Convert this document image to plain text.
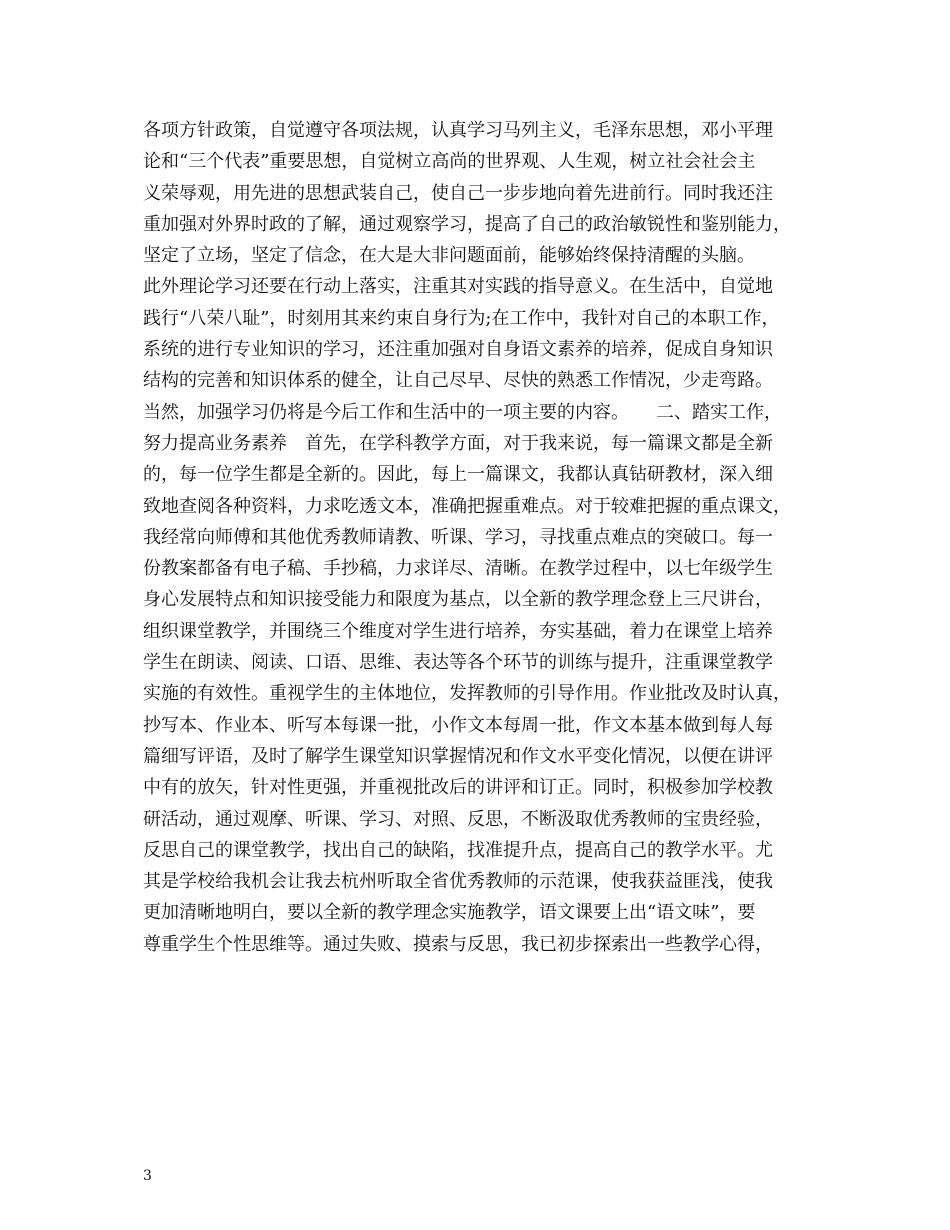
各项方针政策，自觉遵守各项法规，认真学习马列主义，毛泽东思想，邓小平理
论和“三个代表”重要思想，自觉树立高尚的世界观、人生观，树立社会社会主
义荣辱观，用先进的思想武装自己，使自己一步步地向着先进前行。同时我还注
重加强对外界时政的了解，通过观察学习，提高了自己的政治敏锐性和鉴别能力，
坚定了立场，坚定了信念，在大是大非问题面前，能够始终保持清醒的头脑。
此外理论学习还要在行动上落实，注重其对实践的指导意义。在生活中，自觉地
践行“八荣八耻”，时刻用其来约束自身行为;在工作中，我针对自己的本职工作，
系统的进行专业知识的学习，还注重加强对自身语文素养的培养，促成自身知识
结构的完善和知识体系的健全，让自己尽早、尽快的熟悉工作情况，少走弯路。
当然，加强学习仍将是今后工作和生活中的一项主要的内容。　　二、踏实工作，
努力提高业务素养　首先，在学科教学方面，对于我来说，每一篇课文都是全新
的，每一位学生都是全新的。因此，每上一篇课文，我都认真钻研教材，深入细
致地查阅各种资料，力求吃透文本，准确把握重难点。对于较难把握的重点课文，
我经常向师傅和其他优秀教师请教、听课、学习，寻找重点难点的突破口。每一
份教案都备有电子稿、手抄稿，力求详尽、清晰。在教学过程中，以七年级学生
身心发展特点和知识接受能力和限度为基点，以全新的教学理念登上三尺讲台，
组织课堂教学，并围绕三个维度对学生进行培养，夯实基础，着力在课堂上培养
学生在朗读、阅读、口语、思维、表达等各个环节的训练与提升，注重课堂教学
实施的有效性。重视学生的主体地位，发挥教师的引导作用。作业批改及时认真，
抄写本、作业本、听写本每课一批，小作文本每周一批，作文本基本做到每人每
篇细写评语，及时了解学生课堂知识掌握情况和作文水平变化情况，以便在讲评
中有的放矢，针对性更强，并重视批改后的讲评和订正。同时，积极参加学校教
研活动，通过观摩、听课、学习、对照、反思，不断汲取优秀教师的宝贵经验，
反思自己的课堂教学，找出自己的缺陷，找准提升点，提高自己的教学水平。尤
其是学校给我机会让我去杭州听取全省优秀教师的示范课，使我获益匪浅，使我
更加清晰地明白，要以全新的教学理念实施教学，语文课要上出“语文味”，要
尊重学生个性思维等。通过失败、摸索与反思，我已初步探索出一些教学心得，
3
